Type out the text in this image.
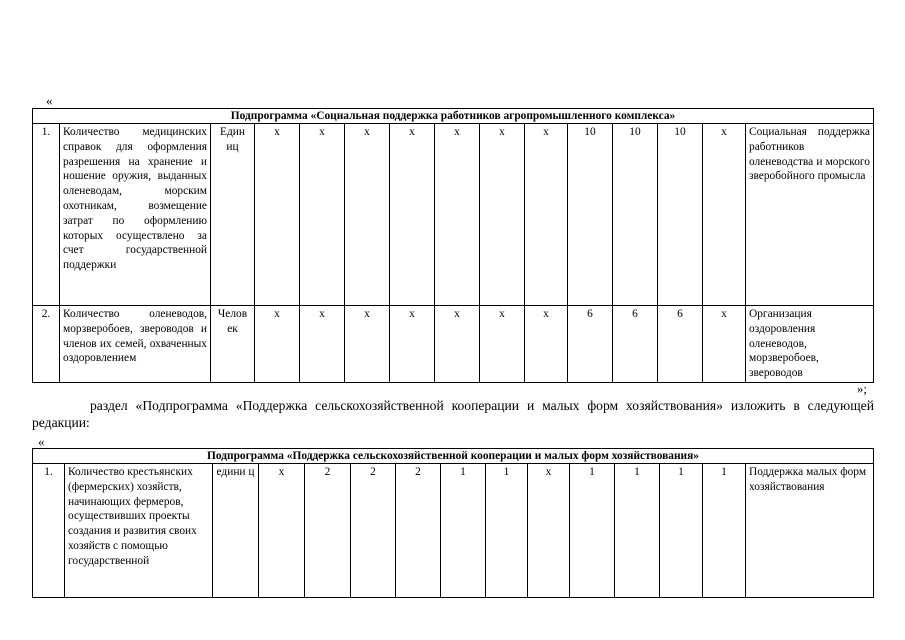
«
Подпрограмма «Социальная поддержка работников агропромышленного комплекса»														
1.	Количество медицинских справок для оформления разрешения на хранение и ношение оружия, выданных оленеводам, морским охотникам, возмещение затрат по оформлению которых осуществлено за счет государственной поддержки	Един иц	х	х	х	х	х	х	х	10	10	10	х	Социальная поддержка работников оленеводства и морского зверобойного промысла
2.	Количество оленеводов, морзверобоев, звероводов и членов их семей, охваченных оздоровлением	Челов ек	х	х	х	х	х	х	х	6	6	6	х	Организация оздоровления оленеводов, морзверобоев, звероводов
»;
раздел «Подпрограмма «Поддержка сельскохозяйственной кооперации и малых форм хозяйствования» изложить в следующей редакции:
«
Подпрограмма «Поддержка сельскохозяйственной кооперации и малых форм хозяйствования»
1.	Количество крестьянских (фермерских) хозяйств, начинающих фермеров, осуществивших проекты создания и развития своих хозяйств с помощью государственной	едини ц	х	2	2	2	1	1	х	1	1	1	1	Поддержка малых форм хозяйствования
